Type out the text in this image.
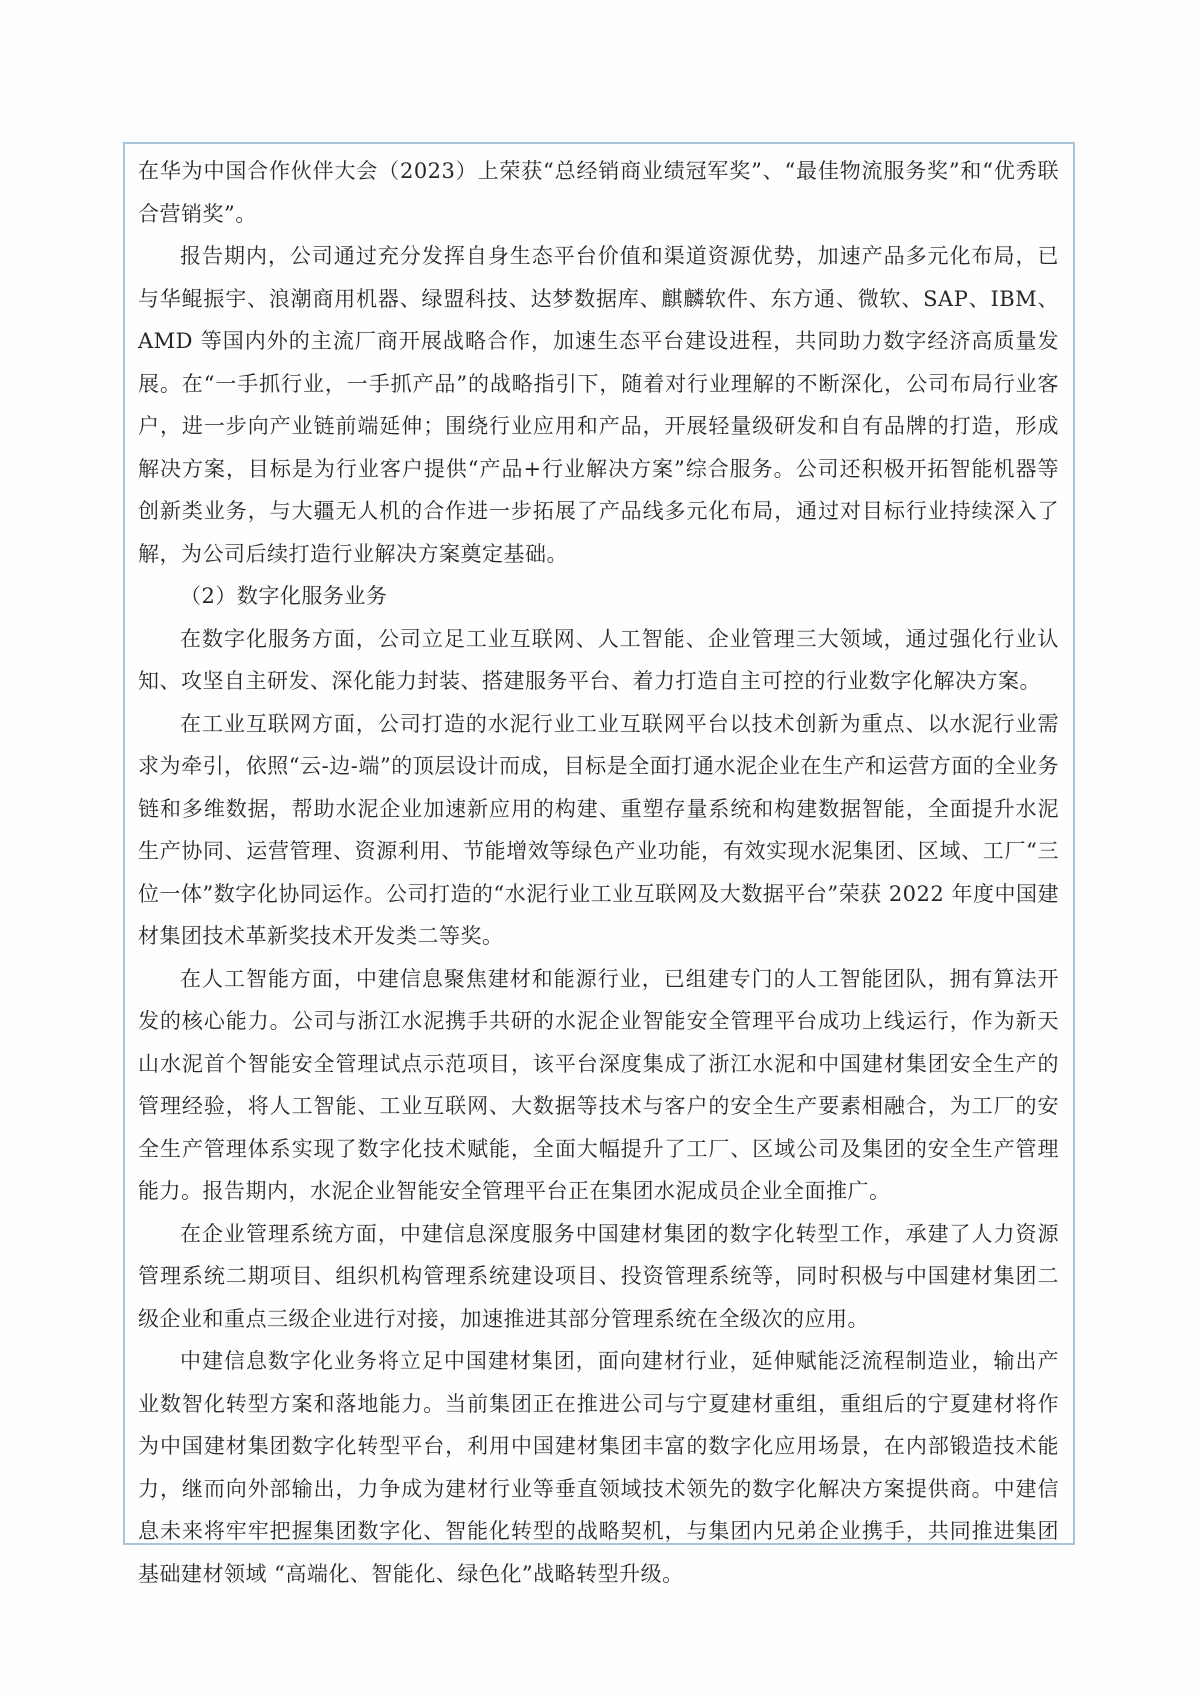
在华为中国合作伙伴大会（2023）上荣获“总经销商业绩冠军奖”、“最佳物流服务奖”和“优秀联合营销奖”。

报告期内，公司通过充分发挥自身生态平台价值和渠道资源优势，加速产品多元化布局，已与华鲲振宇、浪潮商用机器、绿盟科技、达梦数据库、麒麟软件、东方通、微软、SAP、IBM、AMD 等国内外的主流厂商开展战略合作，加速生态平台建设进程，共同助力数字经济高质量发展。在“一手抓行业，一手抓产品”的战略指引下，随着对行业理解的不断深化，公司布局行业客户，进一步向产业链前端延伸；围绕行业应用和产品，开展轻量级研发和自有品牌的打造，形成解决方案，目标是为行业客户提供“产品+行业解决方案”综合服务。公司还积极开拓智能机器等创新类业务，与大疆无人机的合作进一步拓展了产品线多元化布局，通过对目标行业持续深入了解，为公司后续打造行业解决方案奠定基础。

（2）数字化服务业务

在数字化服务方面，公司立足工业互联网、人工智能、企业管理三大领域，通过强化行业认知、攻坚自主研发、深化能力封装、搭建服务平台、着力打造自主可控的行业数字化解决方案。

在工业互联网方面，公司打造的水泥行业工业互联网平台以技术创新为重点、以水泥行业需求为牵引，依照“云-边-端”的顶层设计而成，目标是全面打通水泥企业在生产和运营方面的全业务链和多维数据，帮助水泥企业加速新应用的构建、重塑存量系统和构建数据智能，全面提升水泥生产协同、运营管理、资源利用、节能增效等绿色产业功能，有效实现水泥集团、区域、工厂“三位一体”数字化协同运作。公司打造的“水泥行业工业互联网及大数据平台”荣获 2022 年度中国建材集团技术革新奖技术开发类二等奖。

在人工智能方面，中建信息聚焦建材和能源行业，已组建专门的人工智能团队，拥有算法开发的核心能力。公司与浙江水泥携手共研的水泥企业智能安全管理平台成功上线运行，作为新天山水泥首个智能安全管理试点示范项目，该平台深度集成了浙江水泥和中国建材集团安全生产的管理经验，将人工智能、工业互联网、大数据等技术与客户的安全生产要素相融合，为工厂的安全生产管理体系实现了数字化技术赋能，全面大幅提升了工厂、区域公司及集团的安全生产管理能力。报告期内，水泥企业智能安全管理平台正在集团水泥成员企业全面推广。

在企业管理系统方面，中建信息深度服务中国建材集团的数字化转型工作，承建了人力资源管理系统二期项目、组织机构管理系统建设项目、投资管理系统等，同时积极与中国建材集团二级企业和重点三级企业进行对接，加速推进其部分管理系统在全级次的应用。

中建信息数字化业务将立足中国建材集团，面向建材行业，延伸赋能泛流程制造业，输出产业数智化转型方案和落地能力。当前集团正在推进公司与宁夏建材重组，重组后的宁夏建材将作为中国建材集团数字化转型平台，利用中国建材集团丰富的数字化应用场景，在内部锻造技术能力，继而向外部输出，力争成为建材行业等垂直领域技术领先的数字化解决方案提供商。中建信息未来将牢牢把握集团数字化、智能化转型的战略契机，与集团内兄弟企业携手，共同推进集团基础建材领域 “高端化、智能化、绿色化”战略转型升级。
